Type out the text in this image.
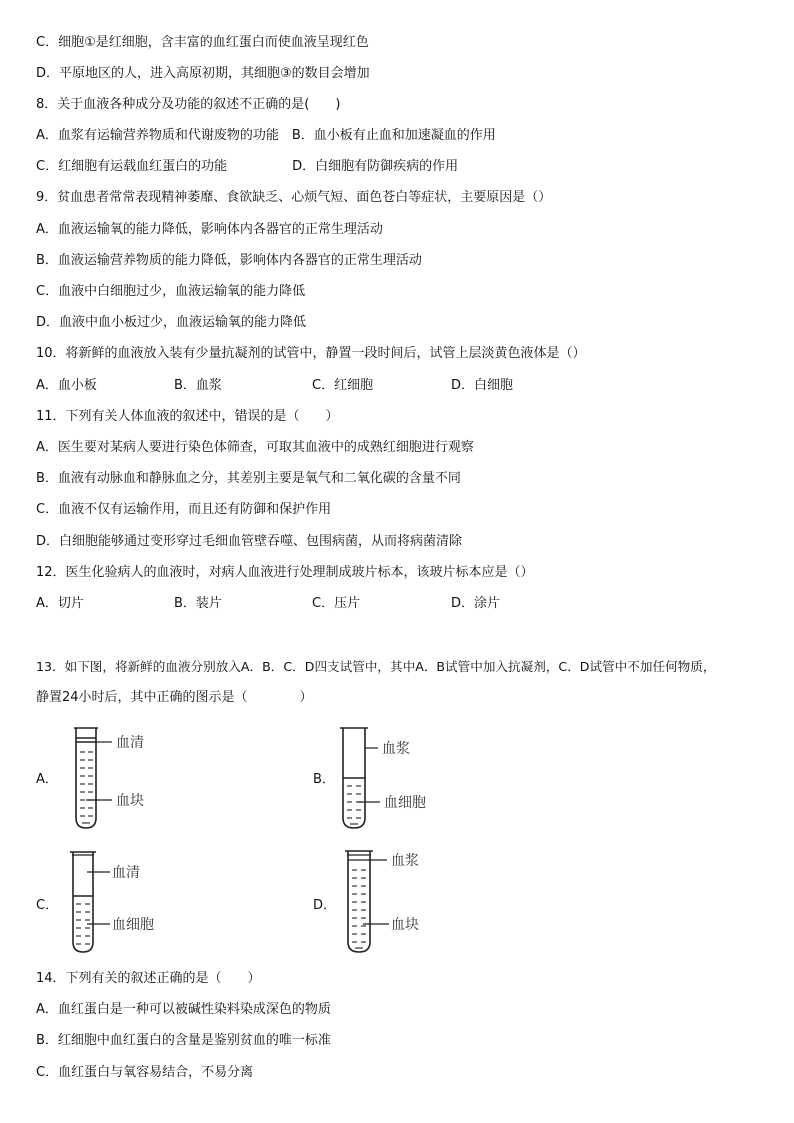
C．细胞①是红细胞，含丰富的血红蛋白而使血液呈现红色
D．平原地区的人，进入高原初期，其细胞③的数目会增加
8．关于血液各种成分及功能的叙述不正确的是(　　)
A．血浆有运输营养物质和代谢废物的功能　B．血小板有止血和加速凝血的作用
C．红细胞有运载血红蛋白的功能　　　　　D．白细胞有防御疾病的作用
9．贫血患者常常表现精神萎靡、食欲缺乏、心烦气短、面色苍白等症状，主要原因是（）
A．血液运输氧的能力降低，影响体内各器官的正常生理活动
B．血液运输营养物质的能力降低，影响体内各器官的正常生理活动
C．血液中白细胞过少，血液运输氧的能力降低
D．血液中血小板过少，血液运输氧的能力降低
10．将新鲜的血液放入装有少量抗凝剂的试管中，静置一段时间后，试管上层淡黄色液体是（）
A．血小板	B．血浆	C．红细胞	D．白细胞
11．下列有关人体血液的叙述中，错误的是（　　）
A．医生要对某病人要进行染色体筛查，可取其血液中的成熟红细胞进行观察
B．血液有动脉血和静脉血之分，其差别主要是氧气和二氧化碳的含量不同
C．血液不仅有运输作用，而且还有防御和保护作用
D．白细胞能够通过变形穿过毛细血管壁吞噬、包围病菌，从而将病菌清除
12．医生化验病人的血液时，对病人血液进行处理制成玻片标本，该玻片标本应是（）
A．切片	B．装片	C．压片	D．涂片
13．如下图，将新鲜的血液分别放入A．B．C．D四支试管中，其中A．B试管中加入抗凝剂，C．D试管中不加任何物质，
静置24小时后，其中正确的图示是（　　　　）
A．
血清
血块
B．
血浆
血细胞
C．
血清
血细胞
D．
血浆
血块
14．下列有关的叙述正确的是（　　）
A．血红蛋白是一种可以被碱性染料染成深色的物质
B．红细胞中血红蛋白的含量是鉴别贫血的唯一标准
C．血红蛋白与氧容易结合，不易分离
